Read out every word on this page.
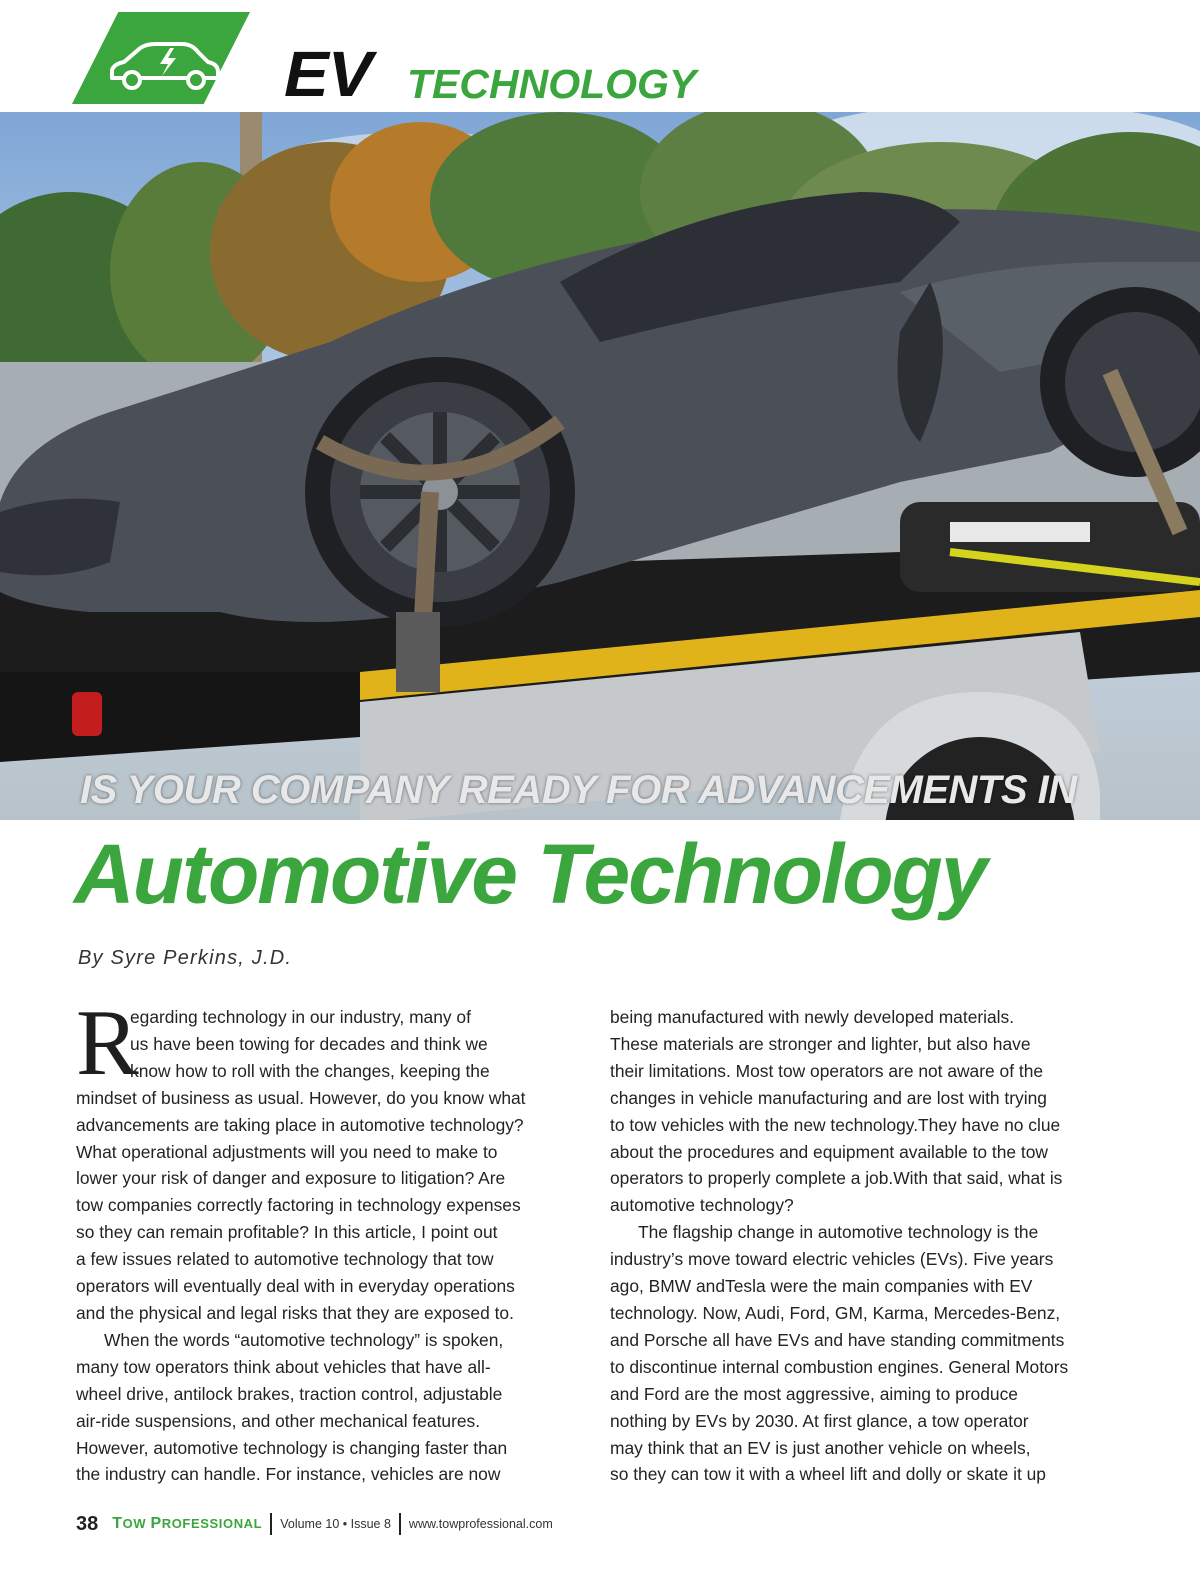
EV TECHNOLOGY
IS YOUR COMPANY READY FOR ADVANCEMENTS IN
Automotive Technology
By Syre Perkins, J.D.
R
egarding technology in our industry, many of
us have been towing for decades and think we
know how to roll with the changes, keeping the
mindset of business as usual. However, do you know what
advancements are taking place in automotive technology?
What operational adjustments will you need to make to
lower your risk of danger and exposure to litigation? Are
tow companies correctly factoring in technology expenses
so they can remain profitable? In this article, I point out
a few issues related to automotive technology that tow
operators will eventually deal with in everyday operations
and the physical and legal risks that they are exposed to.
When the words “automotive technology” is spoken,
many tow operators think about vehicles that have all-
wheel drive, antilock brakes, traction control, adjustable
air-ride suspensions, and other mechanical features.
However, automotive technology is changing faster than
the industry can handle. For instance, vehicles are now
being manufactured with newly developed materials.
These materials are stronger and lighter, but also have
their limitations. Most tow operators are not aware of the
changes in vehicle manufacturing and are lost with trying
to tow vehicles with the new technology.They have no clue
about the procedures and equipment available to the tow
operators to properly complete a job.With that said, what is
automotive technology?
The flagship change in automotive technology is the
industry’s move toward electric vehicles (EVs). Five years
ago, BMW andTesla were the main companies with EV
technology. Now, Audi, Ford, GM, Karma, Mercedes-Benz,
and Porsche all have EVs and have standing commitments
to discontinue internal combustion engines. General Motors
and Ford are the most aggressive, aiming to produce
nothing by EVs by 2030. At first glance, a tow operator
may think that an EV is just another vehicle on wheels,
so they can tow it with a wheel lift and dolly or skate it up
38 TOW PROFESSIONAL Volume 10 • Issue 8 www.towprofessional.com
